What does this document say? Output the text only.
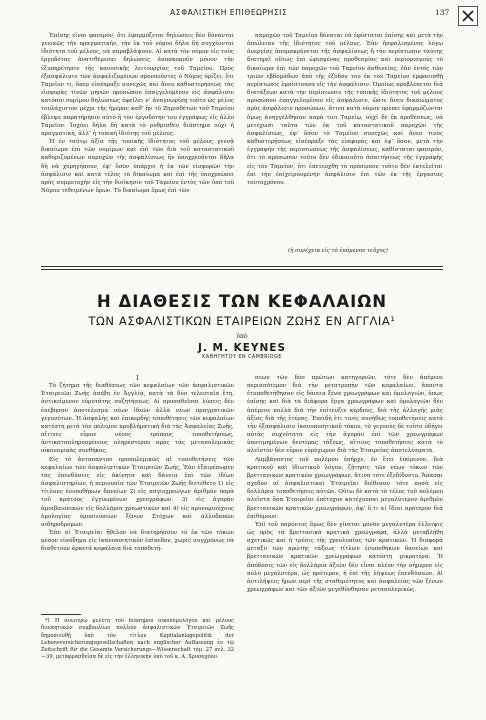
ΑΣΦΑΛΙΣΤΙΚΗ ΕΠΙΘΕΩΡΗΣΙΣ	137

Ἐπίσης εἶναι φανερόν, ὅτι ἐφαρμόζεται δηλώσεις δὲν δύνανται γενικῶς τὴν πραγματικήν, τὴν ἐκ τοῦ νόμου δῆλα δὴ συγχέονται ἰδιότητα τοῦ μέλους, νὰ παραβλάψουν. Αἱ κατὰ τὸν νόμον εἰς τοὺς ἐργοδότας ἀνατιθέμεναι δηλώσεις ἀποσκοποῦν μόνον τὴν ἐξυπηρέτησιν τῆς κανονικῆς λειτουργίας τοῦ Ταμείου. Πρὸς ἐξασφάλισιν τῶν ἀσφαλιζομένων προνοοῦντες ὁ Νόμος ὁρίζει, ὅτι Ταμεῖον τι, ὅπερ εἰσέπραξε συνεχῶς καὶ ἄνευ καθυστερήσεως τὰς εἰσφορὰς τινῶν μηνῶν προσώπου ἐπαγγελομένου εἰς ἀσφάλισιν κατόπιν νομίμου δηλώσεως ὀφείλει νʼ ἀναγνωρίσῃ τοῦτο ὡς μέλος τουλάχιστον μέχρι τῆς ἡμέρας καθʼ ἣν τὸ Ζημιοθέτων τοῦ Ταμείου ἔβλεψε παρατήρησιν αὐτὸ ἢ τὸν ἐργοδότην του ἐγγράφως εἰς ἄλλο Ταμεῖον. Ἰσχύει δῆλα δὴ κατὰ τὸ ρυθμισθὲν διάστημα οὐχὶ ἡ πραγματική, ἀλλʼ ἡ τυπικὴ ἰδιότης τοῦ μέλους.

Ἡ ἐν ταῦτῳ ἀξία τῆς τυπικῆς ἰδιότητος τοῦ μέλους γεννᾷ δικαίωμα ἐπὶ τῶν νομίμων καὶ ἐπὶ τῶν διὰ τοῦ καταστατικοῦ καθοριζομένων παροχῶν τῆς ἀσφαλίσεως ἣν ὑποχρεοῦνται δῆλα δὴ νὰ χορηγήσουν, ἐφʼ ὅσον ὑπάρχει ἡ ἐκ τῶν εἰσφορῶν τὴν ἀσφάλισιν καὶ κατὰ τέλος τὸ δικαίωμα καὶ ἐπὶ τῆς ὑποχρεώσει πρὸς συμμετοχὴν εἰς τὴν διοίκησιν τοῦ Ταμείου ἐντὸς τῶν ὑπὸ τοῦ Νόμου τεθειμένων ὅρων. Τὸ δικαίωμα ὅμως ἐπὶ τῶν

παροχῶν τοῦ Ταμείου δύναται νὰ ἐφίσταται ἐπίσης καὶ μετὰ τὴν ἀπώλειαν τῆς ἰδιότητος τοῦ μέλους. Ἐὰν ἠσφαλισμένος λόγῳ ἀνεργίας ἀπομακρύνεται τῆς ἀσφαλίσεως ἢ τὴν περίπτωσιν ταύτης διατηρεῖ οὕτως ἐπὶ ὡρισμένας προθεσμίας καὶ περιορισμοὺς τὸ δικαίωμα ἐπὶ τῶν παροχῶν τοῦ Ταμείου ἀσθενείας, ἐὰν ἐντὸς τῶν τριῶν ἑβδομάδων ἀπὸ τῆς ἐξόδου του ἐκ τοῦ Ταμείου ἐμφανισθῇ περίπτωσις ἐμπίπτουσα εἰς τὴν ἀσφάλισιν. Ὁμοίως προβλέπεται διὰ διατάξεων κατὰ τὴν περίπτωσιν τῆς τυπικῆς ἰδιότητος τοῦ μέλους προσώπου ἐπαγγελομένου εἰς ἀσφάλισιν, ὥστε ἄνευ δικαιώματος πρὸς ἀσφάλισιν προσώπων, ἅτινα κατὰ νόμον πρέπει ἐφαρμόζωνται ὅμως ἀνηγγέλθησαν παρὰ τινι Ταμείῳ, οὐχὶ δὲ ἐκ προθέσεως, νὰ μετέχωσι ταῦτα τῶν ἐκ τοῦ καταστατικοῦ παροχῶν τῆς ἀσφαλίσεως, ἐφʼ ὅσον τὸ Ταμεῖον συνεχῶς καὶ ἄνευ τινὸς καθυστερήσεως εἰσέπραξε τὰς εἰσφορὰς καὶ ἐφʼ ὅσον, μετὰ τὴν ἐγγραφὴν τῆς περιπτώσεως τῆς ἀσφαλίσεως, καθίσταται φανερόν, ὅτι τὸ πρόσωπον τοῦτο δὲν ἐδικαιοῦτο ἀπαιτήσεως τῆς ἐγγραφῆς εἰς τὸν Ταμεῖον, ὅτι ἐπετεύχθη τὸ πρόσωπον τοῦτο δὲν ἐκτελεῖται ἐπὶ τὴν ἐπιχειρουμένην ἀσφάλισιν ἐπὶ τῶν ἐκ τῆς ἐργασίας τουτοχρόνου.

(ἡ συνέχεια εἰς τὸ ἐπόμενον τεῦχος)
Η ΔΙΑΘΕΣΙΣ ΤΩΝ ΚΕΦΑΛΑΙΩΝ
ΤΩΝ ΑΣΦΑΛΙΣΤΙΚΩΝ ΕΤΑΙΡΕΙΩΝ ΖΩΗΣ ΕΝ ΑΓΓΛΙΑ¹
ὑπὸ
J. M. KEYNES
ΚΑΘΗΓΗΤΟΥ ΕΝ CAMBRIDGE

I

Τὸ ζήτημα τῆς διαθέσεως τῶν κεφαλαίων τῶν ἀσφαλιστικῶν Ἑταιρειῶν Ζωῆς ἀπέβη ἐν Ἀγγλίᾳ, κατὰ τὰ δύο τελευταῖα ἔτη, ἀντικείμενον εὐρυτάτης συζητήσεως. Αἱ προσαθεῖσαι λύσεις δὲν ἐπέβησαν ἀποτέλεσμα νέων ἰδεῶν ἀλλὰ νέων πραγματικῶν γεγονότων. Ἡ ἀσφαλὴς καὶ ἐπικερδὴς τοποθέτησις τῶν κεφαλαίων κατέστη μετὰ τὸν πόλεμον προβλήματικὴ διὰ τὰς Ἀσφαλείας Ζωῆς, αἵτινες εὗρον νέους τρόπους τοποθετήσεως, ἀντικαταπληρουμένους πληρέστερον πρὸς τὰς μεταπολεμικὰς οἰκονομικὰς συνθήκας.

Εἰς τὸ ἀνταπαντον προπολεμικῶς αἱ τοποθετήσεις τῶν κεφαλαίων τῶν ἀσφαλιστικῶν Ἑταιρειῶν Ζωῆς, Ἐὰν ἐξαιρέσωμεν τὰς ἐπενδύσεις εἰς ἀκίνητα καὶ δάνεια ἐπὶ τῶν ἰδίων ἀσφαλιστηρίων, ἡ περιουσία τῶν Ἑταιρειῶν Ζωῆς διετέθετο 1) εἰς τίτλους ἐνυποθήκων δανείων 2) εἰς παγιοχρεώγων ἀριθμὸν παρὰ τοῦ κράτους ἐγγυωμένων χρεογράφων, 3) εἰς ἀγορὰν ἀμοιβαιονικῶν εἰς δολλάρια χρεωστικῶν καὶ 4) εἰς προνομιούχους ὁμολογίας ὁμοσιεύσεων ξένων Στόχων καὶ ἀλλοδαπῶν σιδηροδρόμων.

Ἐὰν αἱ Ἑταιρεῖαι ἤθελον νὰ διατηρήσουν τὸ ἐκ τῶν τόκων μέσον εἰσόδημα εἰς ἱκανοποιητικὸν ἐπίπεδον, χωρὶς συγχρόνως νὰ διαθέτουν ἀρκετὰ κεφάλαια διὰ τοποθετή-

*) Ἡ ἀνωτέρω μελέτη τοῦ διασήμου οἰκονομολόγου καὶ μέλους διοικητικῶν συμβουλίων πολλῶν ἀσφαλιστικῶν Ἑταιρειῶν Ζωῆς δημοσιευθῇ ὑπὸ τὸν τίτλον Kapitalanlagepolitik der Lebensversicherungsgesellschaften nach englischer Auffassung ἐν τῷ Zeitschrift für die Gesamte Versicherungs—Wissenschaft τόμ. 27 σελ. 32—39, μεταφρασθεῖσα δὲ εἰς τὴν ἑλληνικὴν ὑπὸ τοῦ κ. Α. Χρυσοχόου.

σεων τῶν δύο πρώτων κατηγοριῶν, τότε δὲν ἀπέμενε περισσότερον διὰ τὴν μετατροπὴν τῶν κεφαλαίων, ἅπαντα ἐτοποθετήθησαν εἰς δάνεια ξένα χρεωγράφων καὶ ὁμολογιῶν, ὅπως ἐπίσης καὶ διὰ τὰ διάφορα ἔργα χρεωγράφων καὶ ὁμολογιῶν δὲν ἀπέμενε πολλὰ διὰ τὴν ἐπίτευξιν κέρδους, διὰ τῆς ἀλλαγῆς μιᾶς ἀξίας διὰ τῆς ἑτέρας. Ἐπειδὴ ἔτι τινές συνήθως τοποθετήσεις κατὰ τὴν ἐξασφάλισιν ἱκανοποιητικοῦ τόκου, τὸ γεγονὸς δὲ τοῦτο ὁδήγει αὐτὰς συχνότατα εἰς τὴν ἀγορὰν ἐπὶ τῶν χρεωγράφων ὑποτιμημένων δευτέρας τάξεως, αἵτινες τοποθετήσεις κατὰ τὸ πλεῖστον δὲν εὗρον εὐρύχωρον διὰ τὰς Ἑταιρείας ἀποτελέσματα.

Λαμβάνοντος τοῦ πολέμου ἐπήρχε, ἐν ἔτει ἐπόμενον, διὰ κρατικοῦ καὶ ἰδιωτικοῦ λόγου, ζήτησις τῶν νέων τόκων τῶν βρεττανικῶν κρατικῶν χρεωγράφων, ἅτινα τότε ἐξεδίδοντο. Ἅπασαι σχεδὸν αἱ ἀσφαλιστικαὶ Ἑταιρεῖαι διέθεσαν τότε ποσὰ εἰς δολλάρια τοποθετήσεις αὐτῶν. Οὕτω δὲ κατὰ τὸ τέλος τοῦ πολέμου πλεῖστα ὅσα Ἑταιρεῖαι ἐπέτυχον κατέχουσαι μεγαλύτερον ἀριθμὸν βρεττανικῶν κρατικῶν χρεωγράφων, ἀφʼ ὅ,τι αἱ ἴδιαι πρότερον διὰ ἐπιθύμουν.

Ἐπὶ τοῦ παρόντος ὅμως δὲν γίνεται μόνον μεγαλυτέρα ἐλλειψις ὡς πρὸς τὰ βρεττανικὰ κρατικὰ χρεώγραφα, ἀλλὰ μεταβλήθη σχετικῶς καὶ ἡ τρέσις τῆς χρεολυσίας τῶν κρατικῶν. Ἡ διαφορὰ μεταξὺ τῶν πρώτης τάξεως τίτλων ἐνυποθήκων δανείων καὶ βρεττανικῶν κρατικῶν χρεωγράφων κατέστη μικροτέρα. Ἡ ἀπόδοσις τῶν εἰς δολλάρια ἀξιῶν δὲν εἶναι πλέον τὴν σήμερον εἰς πολὺ μεγαλυτέρα, ὡς πρότερον, ἡ ἐπὶ τῆς λήψεως ἐπενδύσεων. Αἱ ἀντιλήψεις ἤμων περὶ τῆς σταθερότητος καὶ ἀσφαλείας τῶν ξένων χρεωγράφων καὶ τῶν ἀξιῶν μεγεθύνθησαν μεταπολεμικῶς.
